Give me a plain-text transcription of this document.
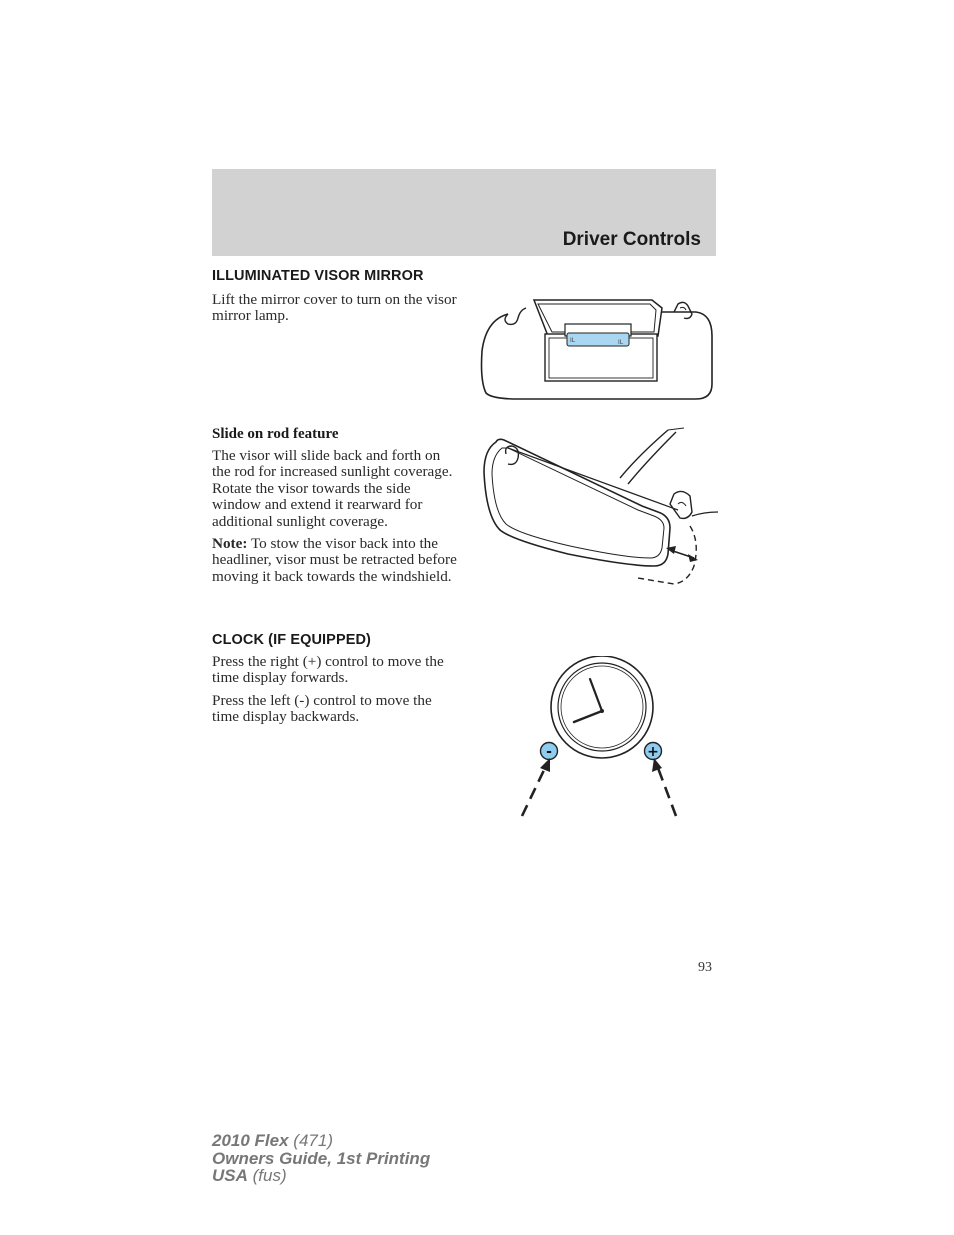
Driver Controls
ILLUMINATED VISOR MIRROR

Lift the mirror cover to turn on the visor mirror lamp.

IL	IL
Slide on rod feature

The visor will slide back and forth on the rod for increased sunlight coverage. Rotate the visor towards the side window and extend it rearward for additional sunlight coverage.

Note: To stow the visor back into the headliner, visor must be retracted before moving it back towards the windshield.

CLOCK (IF EQUIPPED)

Press the right (+) control to move the time display forwards.

Press the left (-) control to move the time display backwards.

-	+
93
2010 Flex (471)
Owners Guide, 1st Printing
USA (fus)
